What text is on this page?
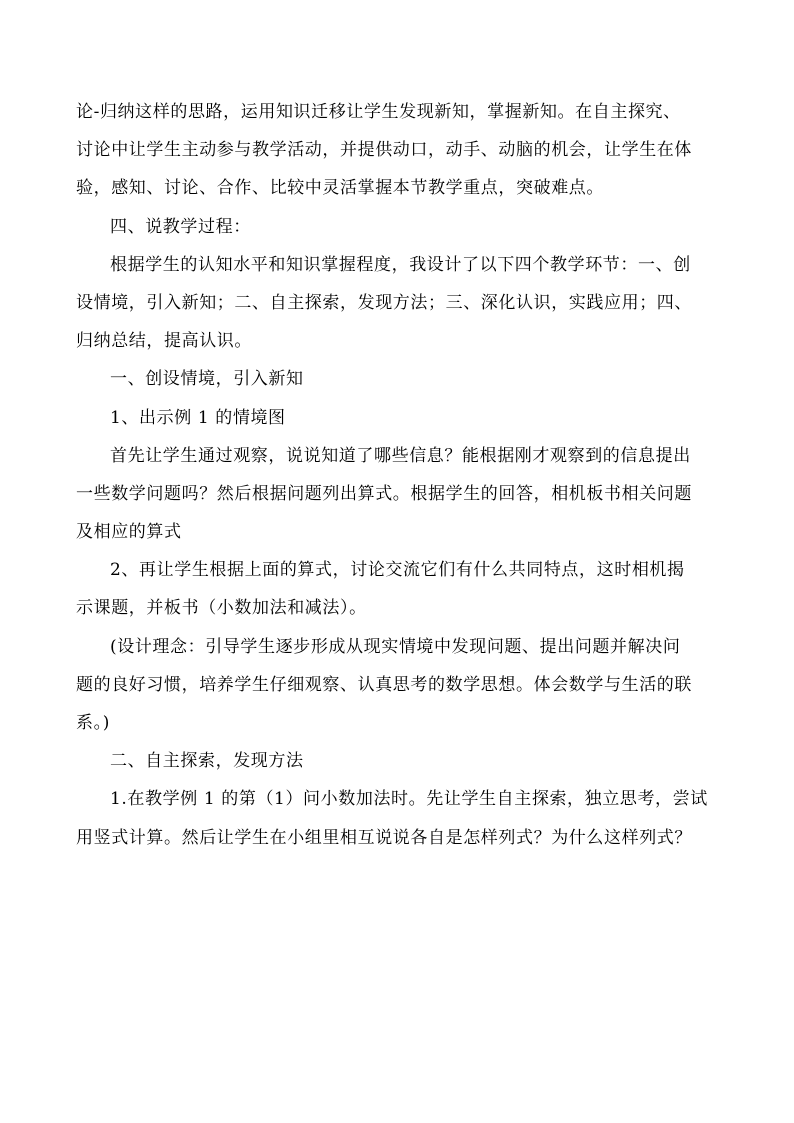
论-归纳这样的思路，运用知识迁移让学生发现新知，掌握新知。在自主探究、
讨论中让学生主动参与教学活动，并提供动口，动手、动脑的机会，让学生在体
验，感知、讨论、合作、比较中灵活掌握本节教学重点，突破难点。
四、说教学过程：
根据学生的认知水平和知识掌握程度，我设计了以下四个教学环节：一、创
设情境，引入新知；二、自主探索，发现方法；三、深化认识，实践应用；四、
归纳总结，提高认识。
一、创设情境，引入新知
1、出示例 1 的情境图
首先让学生通过观察，说说知道了哪些信息？能根据刚才观察到的信息提出
一些数学问题吗？然后根据问题列出算式。根据学生的回答，相机板书相关问题
及相应的算式
2、再让学生根据上面的算式，讨论交流它们有什么共同特点，这时相机揭
示课题，并板书（小数加法和减法）。
(设计理念：引导学生逐步形成从现实情境中发现问题、提出问题并解决问
题的良好习惯，培养学生仔细观察、认真思考的数学思想。体会数学与生活的联
系。)
二、自主探索，发现方法
1.在教学例 1 的第（1）问小数加法时。先让学生自主探索，独立思考，尝试
用竖式计算。然后让学生在小组里相互说说各自是怎样列式？为什么这样列式？
